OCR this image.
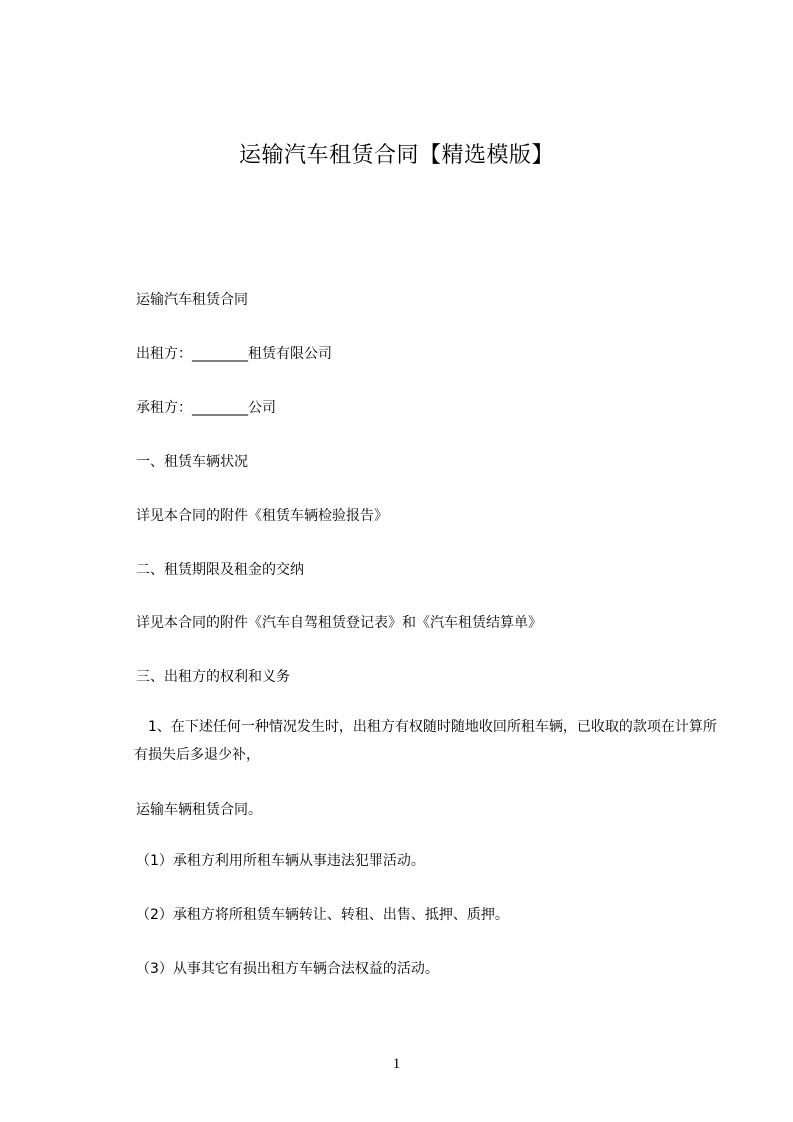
运输汽车租赁合同【精选模版】
运输汽车租赁合同
出租方：________租赁有限公司
承租方：________公司
一、租赁车辆状况
详见本合同的附件《租赁车辆检验报告》
二、租赁期限及租金的交纳
详见本合同的附件《汽车自驾租赁登记表》和《汽车租赁结算单》
三、出租方的权利和义务
1、在下述任何一种情况发生时，出租方有权随时随地收回所租车辆，已收取的款项在计算所有损失后多退少补，
运输车辆租赁合同。
（1）承租方利用所租车辆从事违法犯罪活动。
（2）承租方将所租赁车辆转让、转租、出售、抵押、质押。
（3）从事其它有损出租方车辆合法权益的活动。
1
